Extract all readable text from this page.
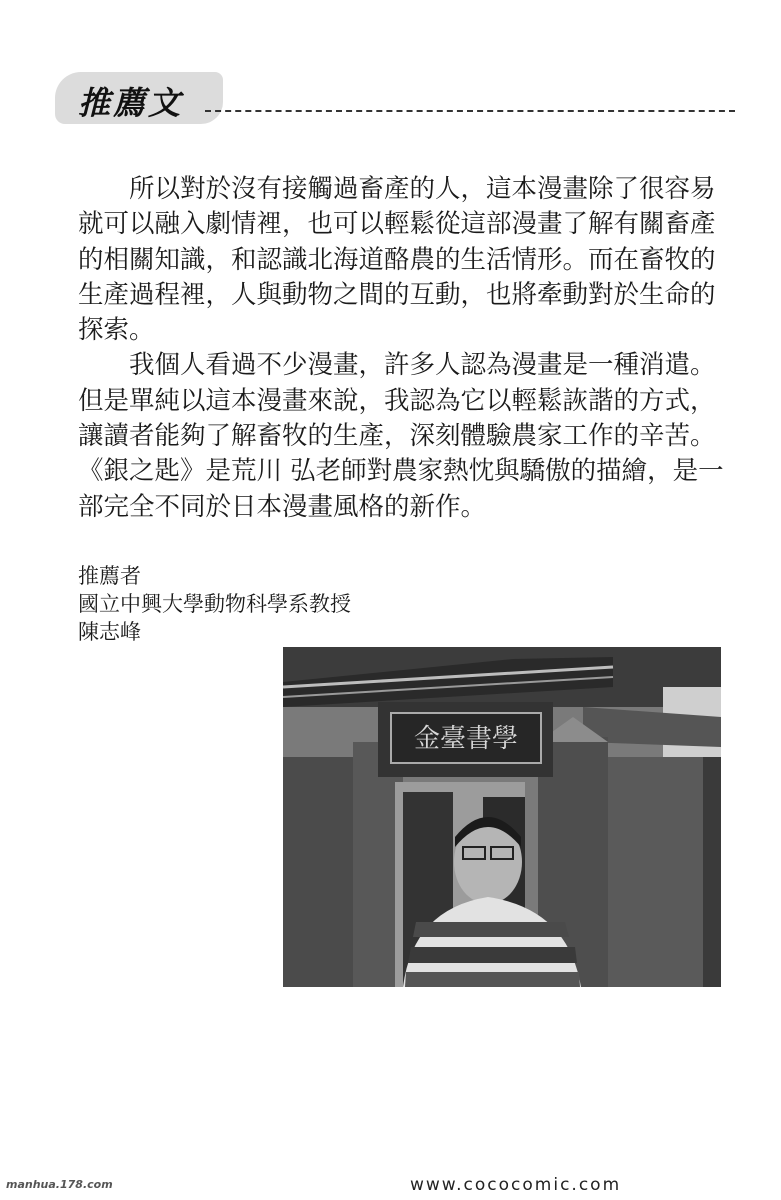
推薦文

所以對於沒有接觸過畜產的人，這本漫畫除了很容易就可以融入劇情裡，也可以輕鬆從這部漫畫了解有關畜產的相關知識，和認識北海道酪農的生活情形。而在畜牧的生產過程裡，人與動物之間的互動，也將牽動對於生命的探索。

我個人看過不少漫畫，許多人認為漫畫是一種消遣。但是單純以這本漫畫來說，我認為它以輕鬆詼諧的方式，讓讀者能夠了解畜牧的生產，深刻體驗農家工作的辛苦。《銀之匙》是荒川 弘老師對農家熱忱與驕傲的描繪，是一部完全不同於日本漫畫風格的新作。

推薦者
國立中興大學動物科學系教授
陳志峰
金臺書學
manhua.178.com	www.cococomic.com
